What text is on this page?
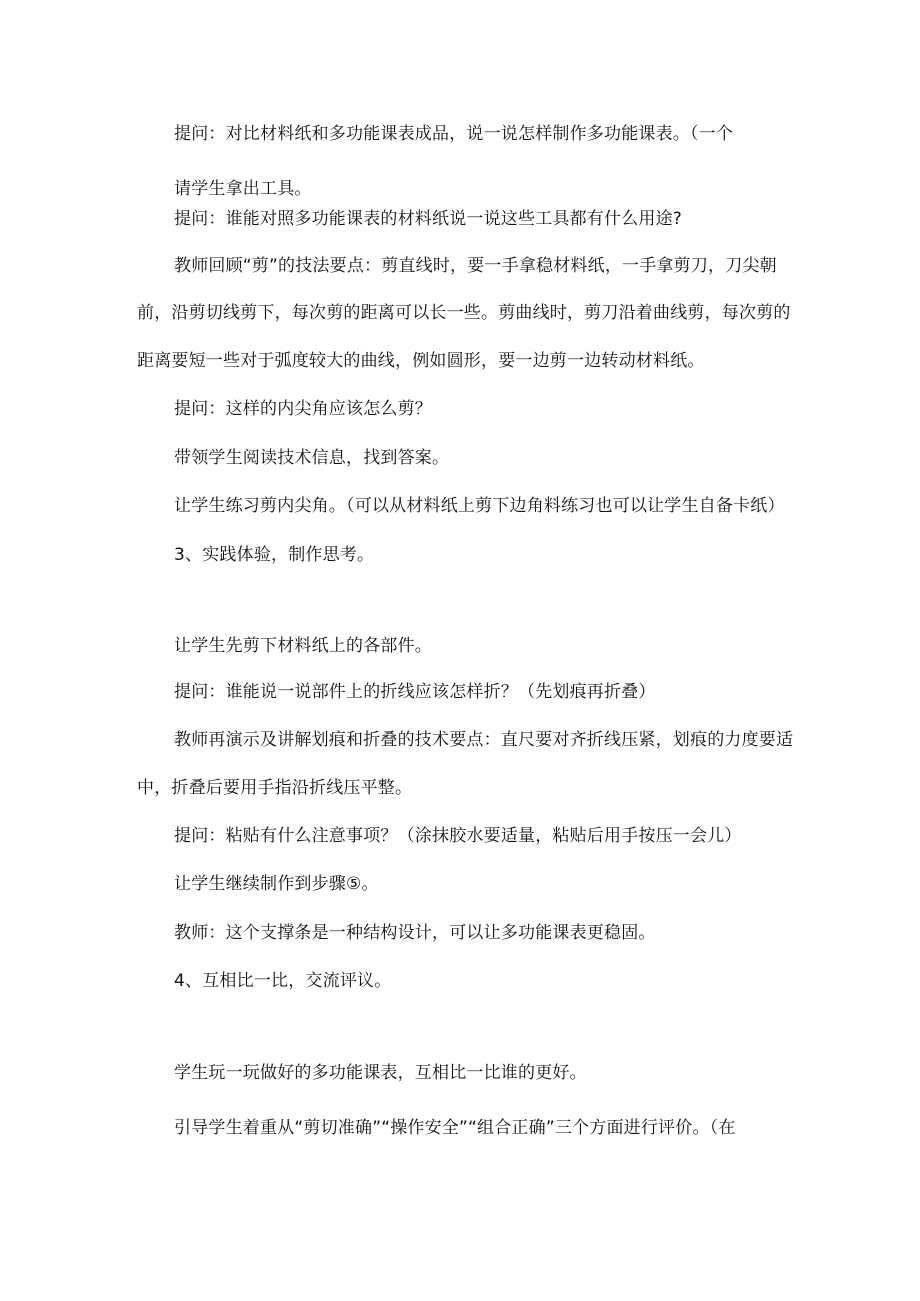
提问：对比材料纸和多功能课表成品，说一说怎样制作多功能课表。（一个
请学生拿出工具。
提问：谁能对照多功能课表的材料纸说一说这些工具都有什么用途?
教师回顾“剪”的技法要点：剪直线时，要一手拿稳材料纸，一手拿剪刀，刀尖朝
前，沿剪切线剪下，每次剪的距离可以长一些。剪曲线时，剪刀沿着曲线剪，每次剪的
距离要短一些对于弧度较大的曲线，例如圆形，要一边剪一边转动材料纸。
提问：这样的内尖角应该怎么剪？
带领学生阅读技术信息，找到答案。
让学生练习剪内尖角。（可以从材料纸上剪下边角料练习也可以让学生自备卡纸）
3、实践体验，制作思考。
让学生先剪下材料纸上的各部件。
提问：谁能说一说部件上的折线应该怎样折？（先划痕再折叠）
教师再演示及讲解划痕和折叠的技术要点：直尺要对齐折线压紧，划痕的力度要适
中，折叠后要用手指沿折线压平整。
提问：粘贴有什么注意事项？（涂抹胶水要适量，粘贴后用手按压一会儿）
让学生继续制作到步骤⑤。
教师：这个支撑条是一种结构设计，可以让多功能课表更稳固。
4、互相比一比，交流评议。
学生玩一玩做好的多功能课表，互相比一比谁的更好。
引导学生着重从“剪切准确”“操作安全”“组合正确”三个方面进行评价。（在
